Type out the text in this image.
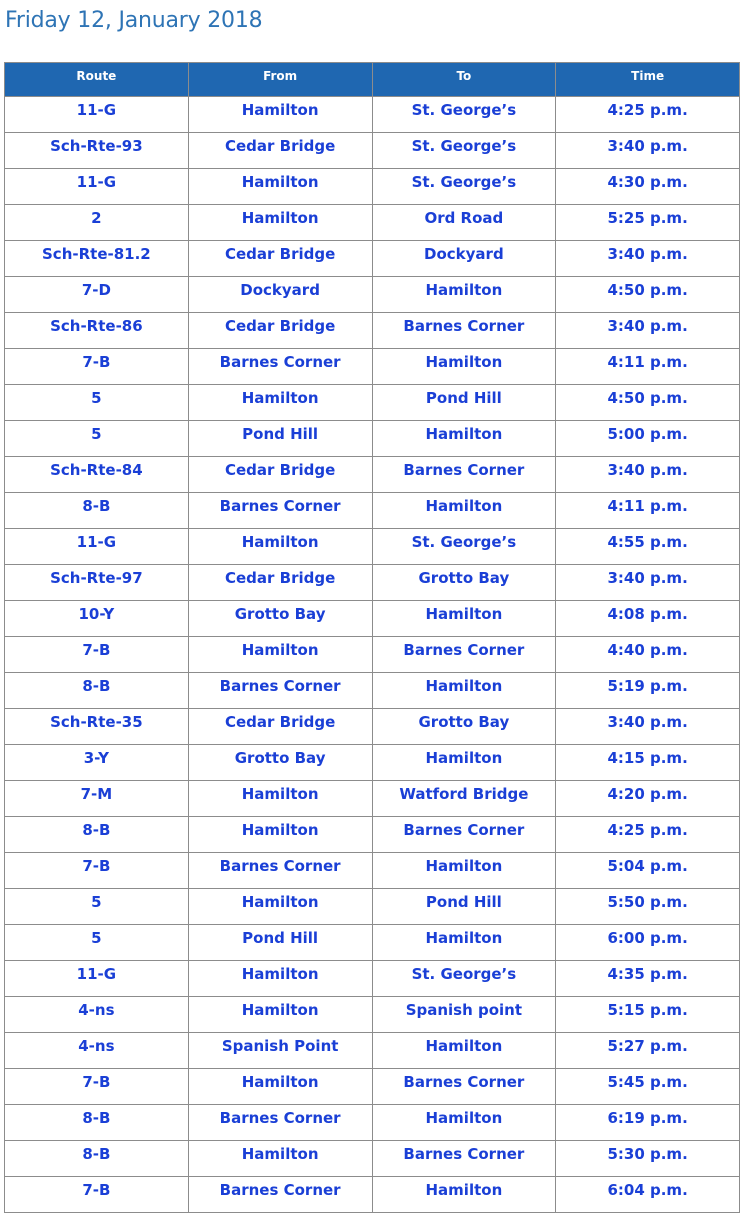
Friday 12, January 2018
Route	From	To	Time
11-G	Hamilton	St. George’s	4:25 p.m.
Sch-Rte-93	Cedar Bridge	St. George’s	3:40 p.m.
11-G	Hamilton	St. George’s	4:30 p.m.
2	Hamilton	Ord Road	5:25 p.m.
Sch-Rte-81.2	Cedar Bridge	Dockyard	3:40 p.m.
7-D	Dockyard	Hamilton	4:50 p.m.
Sch-Rte-86	Cedar Bridge	Barnes Corner	3:40 p.m.
7-B	Barnes Corner	Hamilton	4:11 p.m.
5	Hamilton	Pond Hill	4:50 p.m.
5	Pond Hill	Hamilton	5:00 p.m.
Sch-Rte-84	Cedar Bridge	Barnes Corner	3:40 p.m.
8-B	Barnes Corner	Hamilton	4:11 p.m.
11-G	Hamilton	St. George’s	4:55 p.m.
Sch-Rte-97	Cedar Bridge	Grotto Bay	3:40 p.m.
10-Y	Grotto Bay	Hamilton	4:08 p.m.
7-B	Hamilton	Barnes Corner	4:40 p.m.
8-B	Barnes Corner	Hamilton	5:19 p.m.
Sch-Rte-35	Cedar Bridge	Grotto Bay	3:40 p.m.
3-Y	Grotto Bay	Hamilton	4:15 p.m.
7-M	Hamilton	Watford Bridge	4:20 p.m.
8-B	Hamilton	Barnes Corner	4:25 p.m.
7-B	Barnes Corner	Hamilton	5:04 p.m.
5	Hamilton	Pond Hill	5:50 p.m.
5	Pond Hill	Hamilton	6:00 p.m.
11-G	Hamilton	St. George’s	4:35 p.m.
4-ns	Hamilton	Spanish point	5:15 p.m.
4-ns	Spanish Point	Hamilton	5:27 p.m.
7-B	Hamilton	Barnes Corner	5:45 p.m.
8-B	Barnes Corner	Hamilton	6:19 p.m.
8-B	Hamilton	Barnes Corner	5:30 p.m.
7-B	Barnes Corner	Hamilton	6:04 p.m.
